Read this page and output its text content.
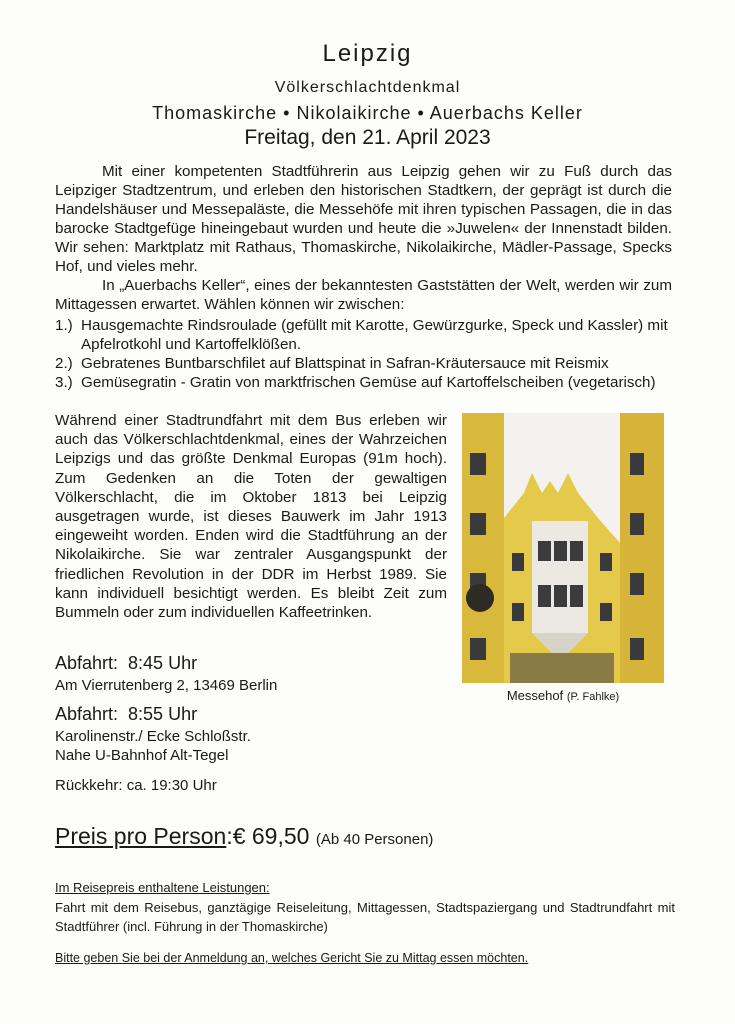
Leipzig
Völkerschlachtdenkmal
Thomaskirche • Nikolaikirche • Auerbachs Keller
Freitag, den 21. April 2023

Mit einer kompetenten Stadtführerin aus Leipzig gehen wir zu Fuß durch das Leipziger Stadtzentrum, und erleben den historischen Stadtkern, der geprägt ist durch die Handelshäuser und Messepaläste, die Messehöfe mit ihren typischen Passagen, die in das barocke Stadtgefüge hineingebaut wurden und heute die »Juwelen« der Innenstadt bilden. Wir sehen: Marktplatz mit Rathaus, Thomaskirche, Nikolaikirche, Mädler-Passage, Specks Hof, und vieles mehr.

In „Auerbachs Keller“, eines der bekanntesten Gaststätten der Welt, werden wir zum Mittagessen erwartet. Wählen können wir zwischen:

1.) Hausgemachte Rindsroulade (gefüllt mit Karotte, Gewürzgurke, Speck und Kassler) mit Apfelrotkohl und Kartoffelklößen.
2.) Gebratenes Buntbarschfilet auf Blattspinat in Safran-Kräutersauce mit Reismix
3.) Gemüsegratin - Gratin von marktfrischen Gemüse auf Kartoffelscheiben (vegetarisch)

Während einer Stadtrundfahrt mit dem Bus erleben wir auch das Völkerschlachtdenkmal, eines der Wahrzeichen Leipzigs und das größte Denkmal Europas (91m hoch). Zum Gedenken an die Toten der gewaltigen Völkerschlacht, die im Oktober 1813 bei Leipzig ausgetragen wurde, ist dieses Bauwerk im Jahr 1913 eingeweiht worden. Enden wird die Stadtführung an der Nikolaikirche. Sie war zentraler Ausgangspunkt der friedlichen Revolution in der DDR im Herbst 1989. Sie kann individuell besichtigt werden. Es bleibt Zeit zum Bummeln oder zum individuellen Kaffeetrinken.

Messehof (P. Fahlke)
Abfahrt:  8:45 Uhr
Am Vierrutenberg 2, 13469 Berlin
Abfahrt:  8:55 Uhr
Karolinenstr./ Ecke Schloßstr.
Nahe U-Bahnhof Alt-Tegel
Rückkehr: ca. 19:30 Uhr
Preis pro Person:€ 69,50 (Ab 40 Personen)
Im Reisepreis enthaltene Leistungen:

Fahrt mit dem Reisebus, ganztägige Reiseleitung, Mittagessen, Stadtspaziergang und Stadtrundfahrt mit Stadtführer (incl. Führung in der Thomaskirche)

Bitte geben Sie bei der Anmeldung an, welches Gericht Sie zu Mittag essen möchten.
